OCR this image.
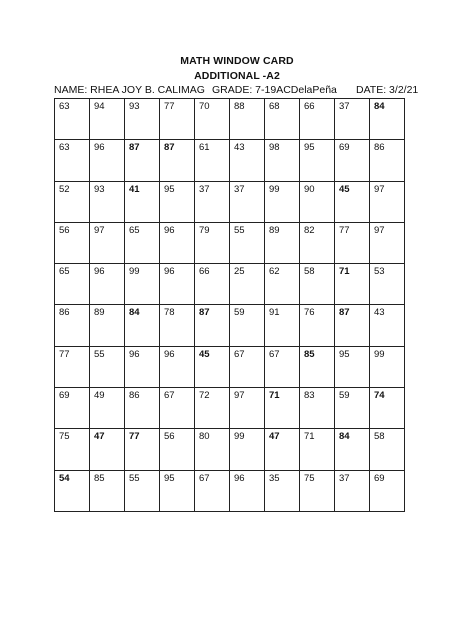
MATH WINDOW CARD
ADDITIONAL -A2
NAME: RHEA JOY B. CALIMAG GRADE: 7-19ACDelaPeña DATE: 3/2/21
63	94	93	77	70	88	68	66	37	84
63	96	87	87	61	43	98	95	69	86
52	93	41	95	37	37	99	90	45	97
56	97	65	96	79	55	89	82	77	97
65	96	99	96	66	25	62	58	71	53
86	89	84	78	87	59	91	76	87	43
77	55	96	96	45	67	67	85	95	99
69	49	86	67	72	97	71	83	59	74
75	47	77	56	80	99	47	71	84	58
54	85	55	95	67	96	35	75	37	69
